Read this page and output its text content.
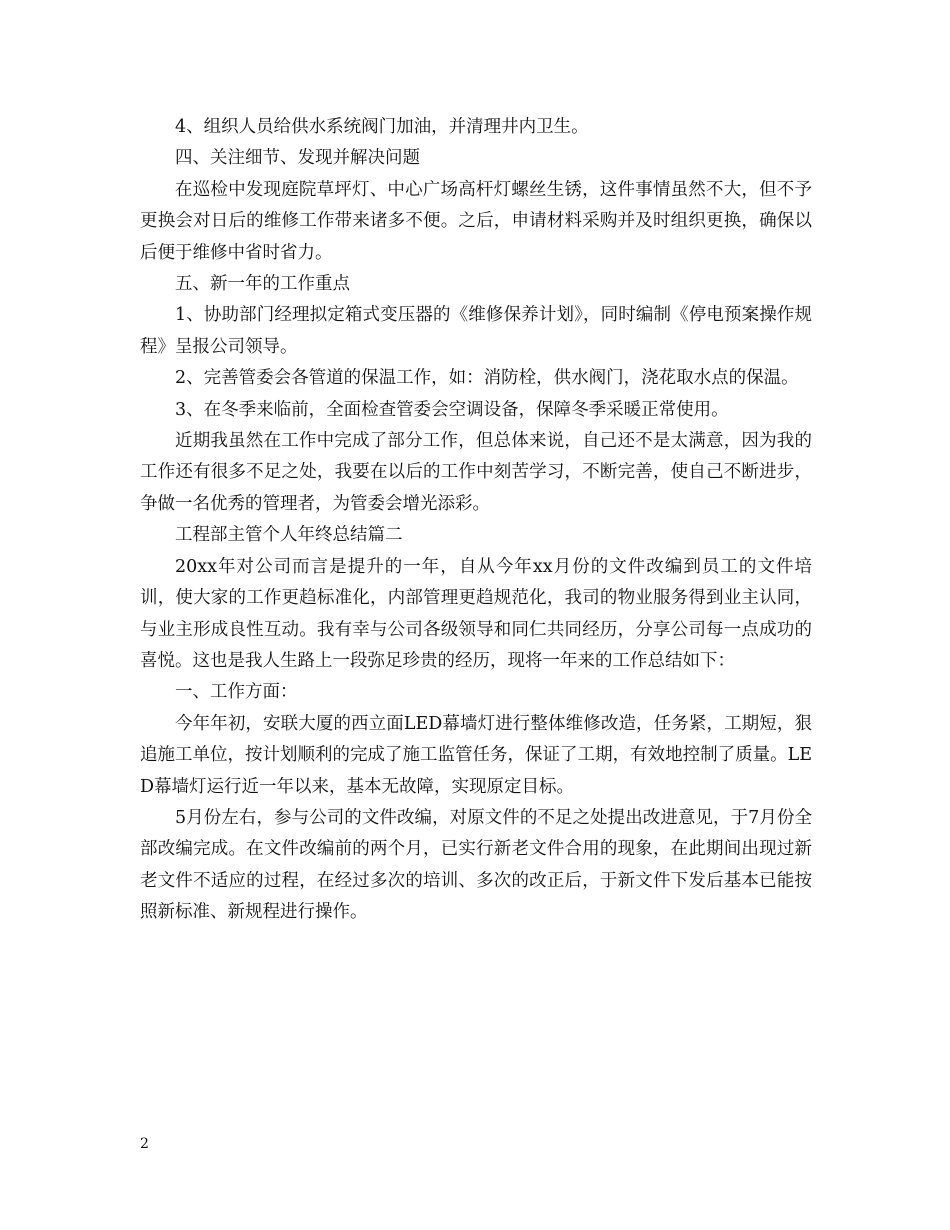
4、组织人员给供水系统阀门加油，并清理井内卫生。

四、关注细节、发现并解决问题

在巡检中发现庭院草坪灯、中心广场高杆灯螺丝生锈，这件事情虽然不大，但不予更换会对日后的维修工作带来诸多不便。之后，申请材料采购并及时组织更换，确保以后便于维修中省时省力。

五、新一年的工作重点

1、协助部门经理拟定箱式变压器的《维修保养计划》，同时编制《停电预案操作规程》呈报公司领导。

2、完善管委会各管道的保温工作，如：消防栓，供水阀门，浇花取水点的保温。

3、在冬季来临前，全面检查管委会空调设备，保障冬季采暖正常使用。

近期我虽然在工作中完成了部分工作，但总体来说，自己还不是太满意，因为我的工作还有很多不足之处，我要在以后的工作中刻苦学习，不断完善，使自己不断进步，争做一名优秀的管理者，为管委会增光添彩。

工程部主管个人年终总结篇二

20xx年对公司而言是提升的一年，自从今年xx月份的文件改编到员工的文件培训，使大家的工作更趋标准化，内部管理更趋规范化，我司的物业服务得到业主认同，与业主形成良性互动。我有幸与公司各级领导和同仁共同经历，分享公司每一点成功的喜悦。这也是我人生路上一段弥足珍贵的经历，现将一年来的工作总结如下：

一、工作方面：

今年年初，安联大厦的西立面LED幕墙灯进行整体维修改造，任务紧，工期短，狠追施工单位，按计划顺利的完成了施工监管任务，保证了工期，有效地控制了质量。LED幕墙灯运行近一年以来，基本无故障，实现原定目标。

5月份左右，参与公司的文件改编，对原文件的不足之处提出改进意见，于7月份全部改编完成。在文件改编前的两个月，已实行新老文件合用的现象，在此期间出现过新老文件不适应的过程，在经过多次的培训、多次的改正后，于新文件下发后基本已能按照新标准、新规程进行操作。

2
